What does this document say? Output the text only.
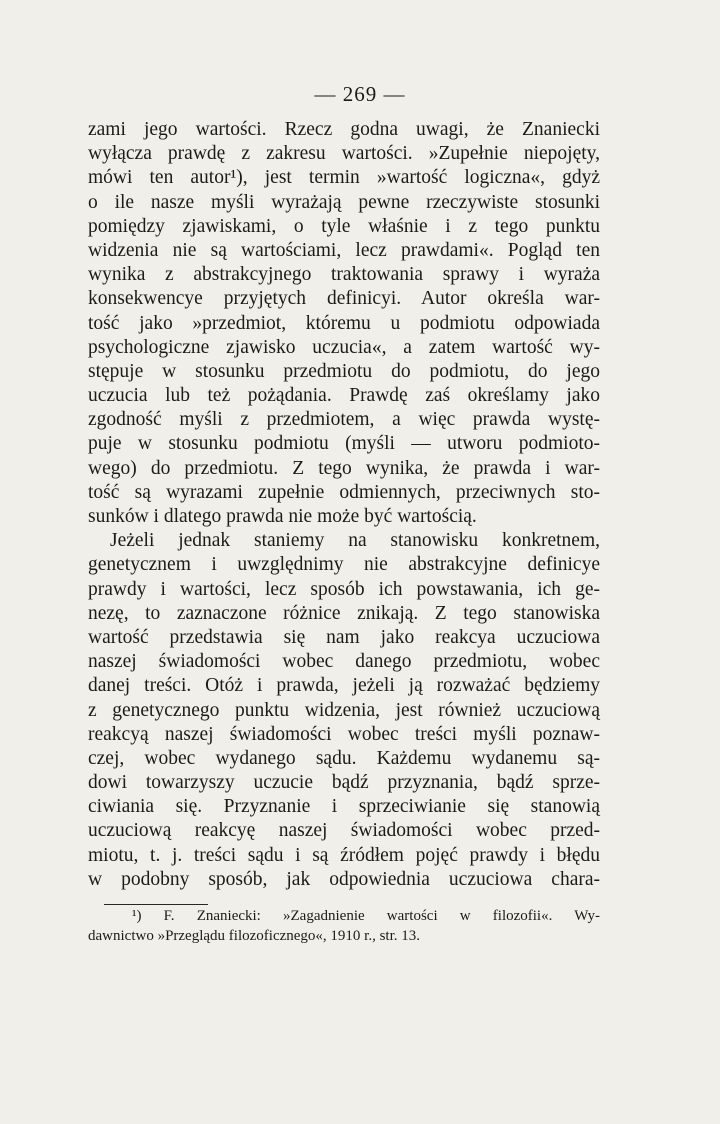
— 269 —
zami jego wartości. Rzecz godna uwagi, że Znaniecki
wyłącza prawdę z zakresu wartości. »Zupełnie niepojęty,
mówi ten autor¹), jest termin »wartość logiczna«, gdyż
o ile nasze myśli wyrażają pewne rzeczywiste stosunki
pomiędzy zjawiskami, o tyle właśnie i z tego punktu
widzenia nie są wartościami, lecz prawdami«. Pogląd ten
wynika z abstrakcyjnego traktowania sprawy i wyraża
konsekwencye przyjętych definicyi. Autor określa war-
tość jako »przedmiot, któremu u podmiotu odpowiada
psychologiczne zjawisko uczucia«, a zatem wartość wy-
stępuje w stosunku przedmiotu do podmiotu, do jego
uczucia lub też pożądania. Prawdę zaś określamy jako
zgodność myśli z przedmiotem, a więc prawda wystę-
puje w stosunku podmiotu (myśli — utworu podmioto-
wego) do przedmiotu. Z tego wynika, że prawda i war-
tość są wyrazami zupełnie odmiennych, przeciwnych sto-
sunków i dlatego prawda nie może być wartością.
Jeżeli jednak staniemy na stanowisku konkretnem,
genetycznem i uwzględnimy nie abstrakcyjne definicye
prawdy i wartości, lecz sposób ich powstawania, ich ge-
nezę, to zaznaczone różnice znikają. Z tego stanowiska
wartość przedstawia się nam jako reakcya uczuciowa
naszej świadomości wobec danego przedmiotu, wobec
danej treści. Otóż i prawda, jeżeli ją rozważać będziemy
z genetycznego punktu widzenia, jest również uczuciową
reakcyą naszej świadomości wobec treści myśli poznaw-
czej, wobec wydanego sądu. Każdemu wydanemu są-
dowi towarzyszy uczucie bądź przyznania, bądź sprze-
ciwiania się. Przyznanie i sprzeciwianie się stanowią
uczuciową reakcyę naszej świadomości wobec przed-
miotu, t. j. treści sądu i są źródłem pojęć prawdy i błędu
w podobny sposób, jak odpowiednia uczuciowa chara-
¹) F. Znaniecki: »Zagadnienie wartości w filozofii«. Wy-
dawnictwo »Przeglądu filozoficznego«, 1910 r., str. 13.
